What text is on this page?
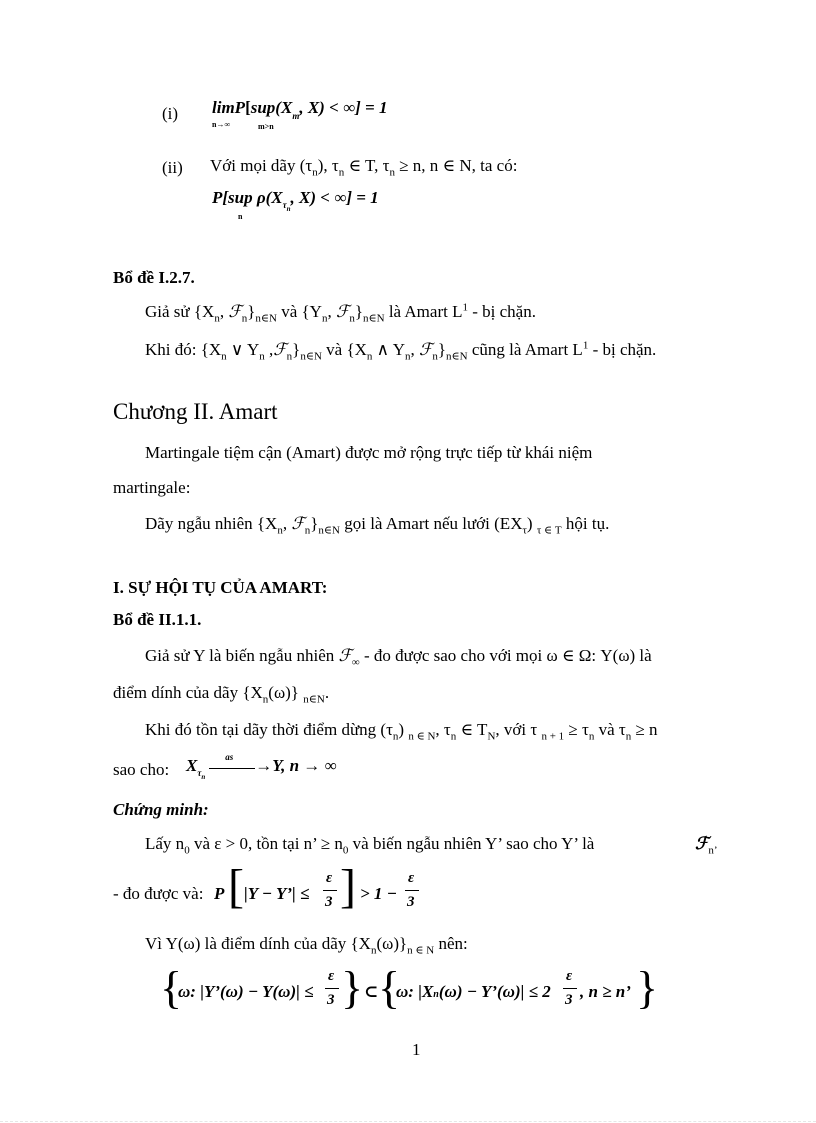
(i) $\lim P[sup(X_m$, X) < ∞] = 1
n→∞	m>n
(ii) Với mọi dãy $(\tau_n)$, $\tau_n$ ∈ T, $\tau_n \ge n$, n ∈ N, ta có:
P[sup $\rho(X_{\tau_n}$, X) < ∞] = 1
n
Bổ đề I.2.7.
Giả sử {$X_n$, $ℱ_n\}_{n\in N}$ và {$Y_n$, $ℱ_n\}_{n\in N}$ là Amart $L^1$ - bị chặn.
Khi đó: {$X_n$ ∨ $Y_n$ $,ℱ_n\}_{n\in N}$ và {$X_n$ ∧ $Y_n$, $ℱ_n\}_{n\in N}$ cũng là Amart $L^1$ - bị chặn.
Chương II. Amart
Martingale tiệm cận (Amart) được mở rộng trực tiếp từ khái niệm
martingale:
Dãy ngẫu nhiên {$X_n$, $ℱ_n\}_{n\in N}$ gọi là Amart nếu lưới $(EX_\tau)$ $_{\tau \in T}$ hội tụ.
I. SỰ HỘI TỤ CỦA AMART:
Bổ đề II.1.1.
Giả sử Y là biến ngẫu nhiên ℱ$_\infty$ - đo được sao cho với mọi ω ∈ Ω: Y(ω) là
điểm dính của dãy $\{X_n(\omega)\}$ $_{n\in N}$.
Khi đó tồn tại dãy thời điểm dừng $(\tau_n)$ $_{n \in N}$, $\tau_n$ ∈ $T_N$, với τ $_{n + 1} \ge \tau_n$ và $\tau_n \ge n$
sao cho: $X_{\tau_n}$
as →Y, n → ∞
Chứng minh:
Lấy $n_0$ và ε > 0, tồn tại n’ ≥ $n_0$ và biến ngẫu nhiên Y’ sao cho Y’ là	ℱ$_{n’}$
- đo được và: P [ |Y − Y’| ≤
ε
3 ] > 1 −
ε
3
Vì Y(ω) là điểm dính của dãy $\{X_n(\omega)\}_{n \in N}$ nên:
{
ω: |Y’(ω) − Y(ω)| ≤
ε
3 } ⊂ {
ω: |Xn(ω) − Y’(ω)| ≤ 2
ε
3 , n ≥ n’ }
1
